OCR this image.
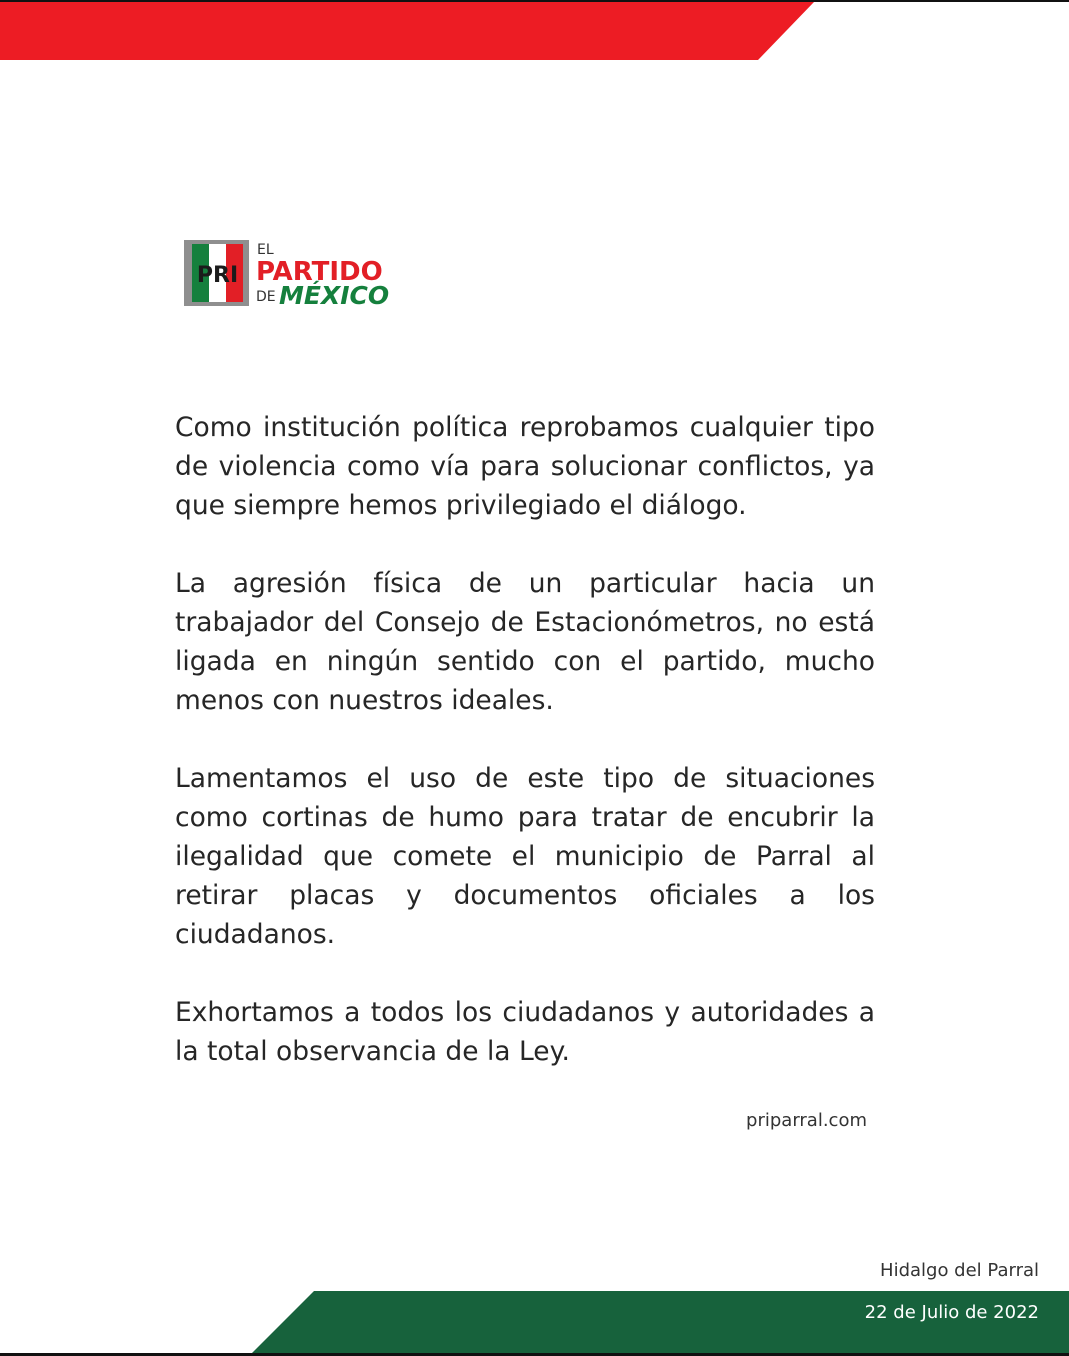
PRI
EL
PARTIDO
DE MÉXICO

Como institución política reprobamos cualquier tipo de violencia como vía para solucionar conflictos, ya que siempre hemos privilegiado el diálogo.

La agresión física de un particular hacia un trabajador del Consejo de Estacionómetros, no está ligada en ningún sentido con el partido, mucho menos con nuestros ideales.

Lamentamos el uso de este tipo de situaciones como cortinas de humo para tratar de encubrir la ilegalidad que comete el municipio de Parral al retirar placas y documentos oficiales a los ciudadanos.

Exhortamos a todos los ciudadanos y autoridades a la total observancia de la Ley.

priparral.com
Hidalgo del Parral
22 de Julio de 2022
